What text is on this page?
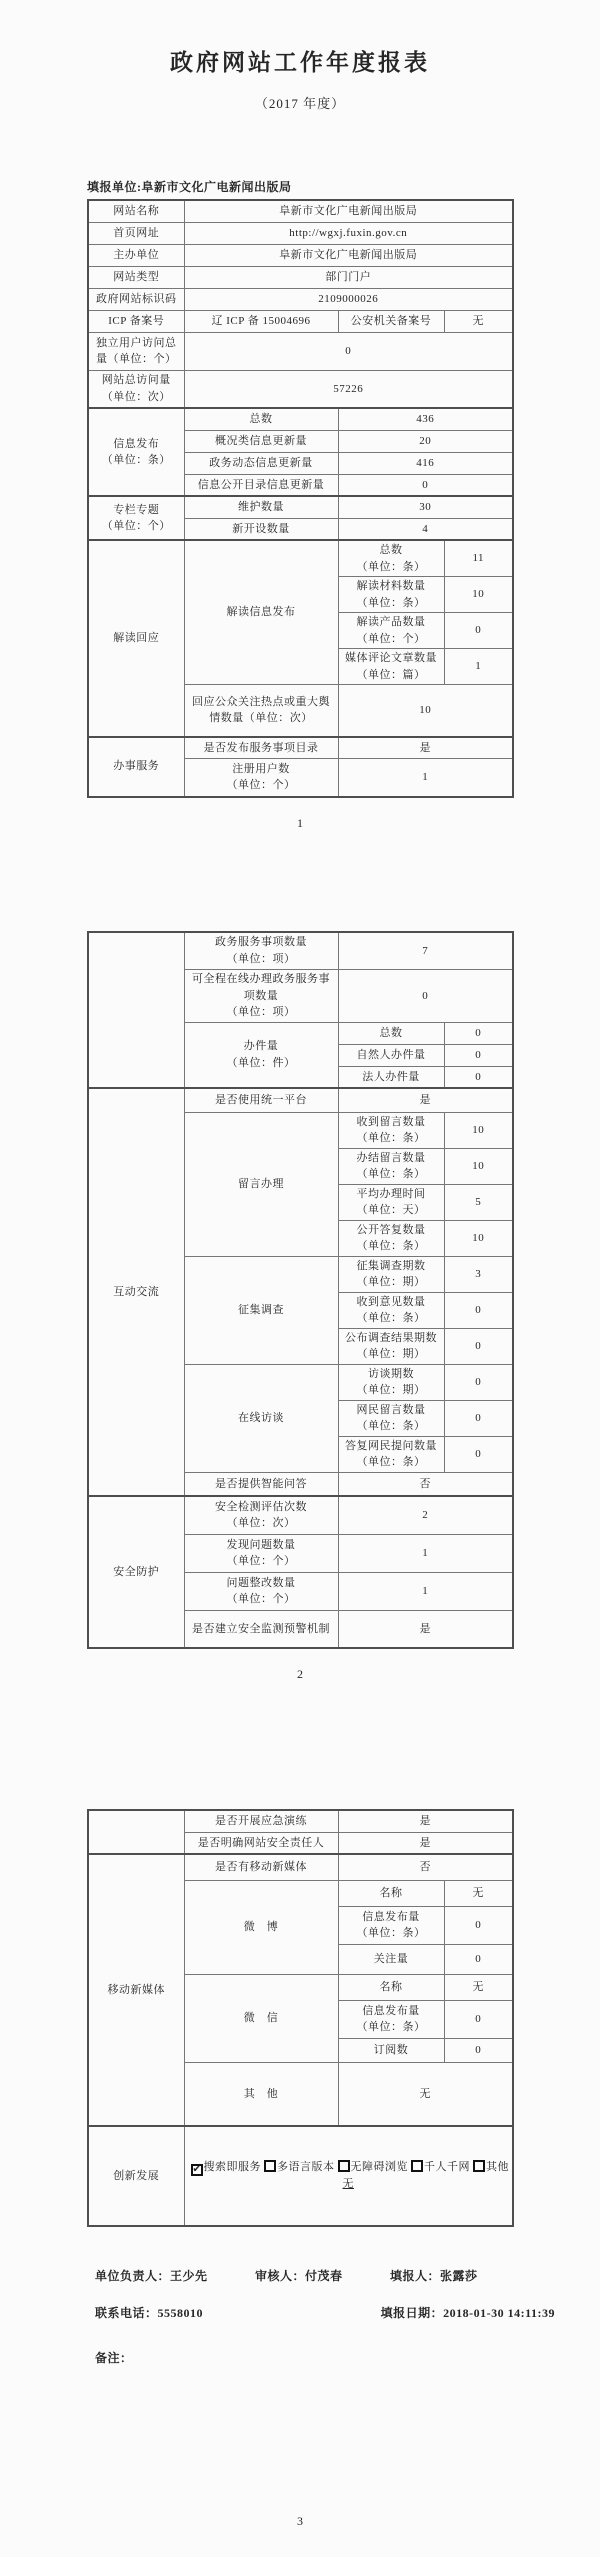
政府网站工作年度报表
（2017 年度）
填报单位:阜新市文化广电新闻出版局
网站名称	阜新市文化广电新闻出版局		
首页网址	http://wgxj.fuxin.gov.cn		
主办单位	阜新市文化广电新闻出版局		
网站类型	部门门户		
政府网站标识码	2109000026		
ICP 备案号	辽 ICP 备 15004696	公安机关备案号	无
独立用户访问总量（单位：个）	0		

网站总访问量
（单位：次）	57226		

信息发布
（单位：条）	总数	436	
	概况类信息更新量	20	
	政务动态信息更新量	416	
	信息公开目录信息更新量	0	

专栏专题
（单位：个）	维护数量	30	
	新开设数量	4	
解读回应	解读信息发布	总数
（单位：条）	11

		解读材料数量
（单位：条）	10

		解读产品数量
（单位：个）	0

		媒体评论文章数量
（单位：篇）	1
	回应公众关注热点或重大舆情数量（单位：次）	10	
办事服务	是否发布服务事项目录	是	

	注册用户数
（单位：个）	1	
1

	政务服务事项数量
（单位：项）	7	

	可全程在线办理政务服务事项数量
（单位：项）	0	

	办件量
（单位：件）	总数	0
		自然人办件量	0
		法人办件量	0
互动交流	是否使用统一平台	是	
	留言办理	收到留言数量
（单位：条）	10

		办结留言数量
（单位：条）	10

		平均办理时间
（单位：天）	5

		公开答复数量
（单位：条）	10
	征集调查	征集调查期数
（单位：期）	3

		收到意见数量
（单位：条）	0

		公布调查结果期数
（单位：期）	0
	在线访谈	访谈期数
（单位：期）	0

		网民留言数量
（单位：条）	0

		答复网民提问数量
（单位：条）	0
	是否提供智能问答	否	
安全防护	安全检测评估次数
（单位：次）	2	

	发现问题数量
（单位：个）	1	

	问题整改数量
（单位：个）	1	
	是否建立安全监测预警机制	是	
2
	是否开展应急演练	是	
	是否明确网站安全责任人	是	
移动新媒体	是否有移动新媒体	否	
	微　博	名称	无

		信息发布量
（单位：条）	0
		关注量	0
	微　信	名称	无

		信息发布量
（单位：条）	0
		订阅数	0
	其　他	无	
创新发展	✔ 搜索即服务 多语言版本 无障碍浏览 千人千网 其他
无		
单位负责人：王少先	审核人：付茂春	填报人：张露莎
联系电话：5558010	填报日期：2018-01-30 14:11:39
备注：
3
